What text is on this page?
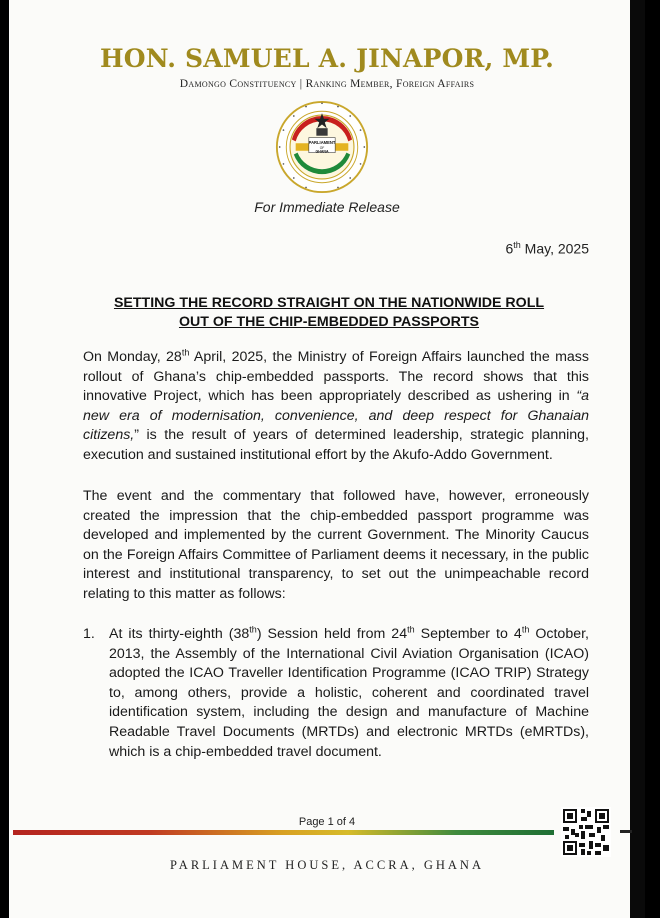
HON. SAMUEL A. JINAPOR, MP.
Damongo Constituency | Ranking Member, Foreign Affairs
PARLIAMENT
OF
GHANA
For Immediate Release
6th May, 2025
SETTING THE RECORD STRAIGHT ON THE NATIONWIDE ROLL
OUT OF THE CHIP-EMBEDDED PASSPORTS

On Monday, 28th April, 2025, the Ministry of Foreign Affairs launched the mass rollout of Ghana’s chip-embedded passports. The record shows that this innovative Project, which has been appropriately described as ushering in “a new era of modernisation, convenience, and deep respect for Ghanaian citizens,” is the result of years of determined leadership, strategic planning, execution and sustained institutional effort by the Akufo-Addo Government.

The event and the commentary that followed have, however, erroneously created the impression that the chip-embedded passport programme was developed and implemented by the current Government. The Minority Caucus on the Foreign Affairs Committee of Parliament deems it necessary, in the public interest and institutional transparency, to set out the unimpeachable record relating to this matter as follows:

1. At its thirty-eighth (38th) Session held from 24th September to 4th October, 2013, the Assembly of the International Civil Aviation Organisation (ICAO) adopted the ICAO Traveller Identification Programme (ICAO TRIP) Strategy to, among others, provide a holistic, coherent and coordinated travel identification system, including the design and manufacture of Machine Readable Travel Documents (MRTDs) and electronic MRTDs (eMRTDs), which is a chip-embedded travel document.
Page 1 of 4
PARLIAMENT HOUSE, ACCRA, GHANA
